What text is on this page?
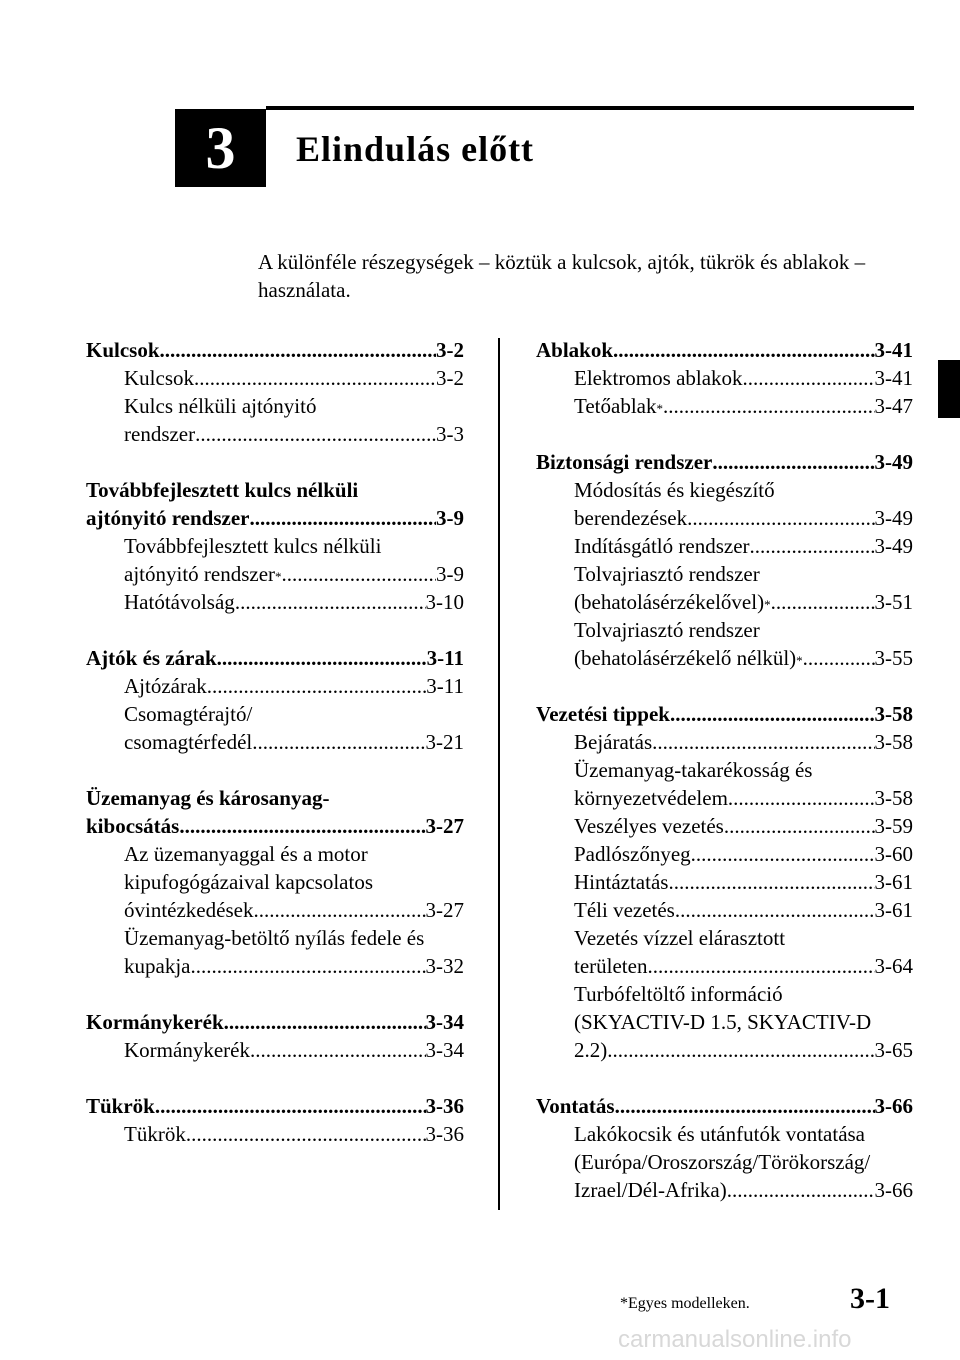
3 Elindulás előtt
A különféle részegységek – köztük a kulcsok, ajtók, tükrök és ablakok – használata.
Kulcsok .....	3-2
Kulcsok .....	3-2
Kulcs nélküli ajtónyitó
rendszer .....	3-3
Továbbfejlesztett kulcs nélküli
ajtónyitó rendszer .....	3-9
Továbbfejlesztett kulcs nélküli
ajtónyitó rendszer * .....	3-9
Hatótávolság .....	3-10
Ajtók és zárak .....	3-11
Ajtózárak .....	3-11
Csomagtérajtó/
csomagtérfedél .....	3-21
Üzemanyag és károsanyag-
kibocsátás .....	3-27
Az üzemanyaggal és a motor
kipufogógázaival kapcsolatos
óvintézkedések .....	3-27
Üzemanyag-betöltő nyílás fedele és
kupakja .....	3-32
Kormánykerék .....	3-34
Kormánykerék .....	3-34
Tükrök .....	3-36
Tükrök .....	3-36
Ablakok .....	3-41
Elektromos ablakok .....	3-41
Tetőablak * .....	3-47
Biztonsági rendszer .....	3-49
Módosítás és kiegészítő
berendezések .....	3-49
Indításgátló rendszer .....	3-49
Tolvajriasztó rendszer
(behatolásérzékelővel) * .....	3-51
Tolvajriasztó rendszer
(behatolásérzékelő nélkül) * .....	3-55
Vezetési tippek .....	3-58
Bejáratás .....	3-58
Üzemanyag-takarékosság és
környezetvédelem .....	3-58
Veszélyes vezetés .....	3-59
Padlószőnyeg .....	3-60
Hintáztatás .....	3-61
Téli vezetés .....	3-61
Vezetés vízzel elárasztott
területen .....	3-64
Turbófeltöltő információ
(SKYACTIV-D 1.5, SKYACTIV-D
2.2) .....	3-65
Vontatás .....	3-66
Lakókocsik és utánfutók vontatása
(Európa/Oroszország/Törökország/
Izrael/Dél-Afrika) .....	3-66
*Egyes modelleken.	3-1
carmanualsonline.info
